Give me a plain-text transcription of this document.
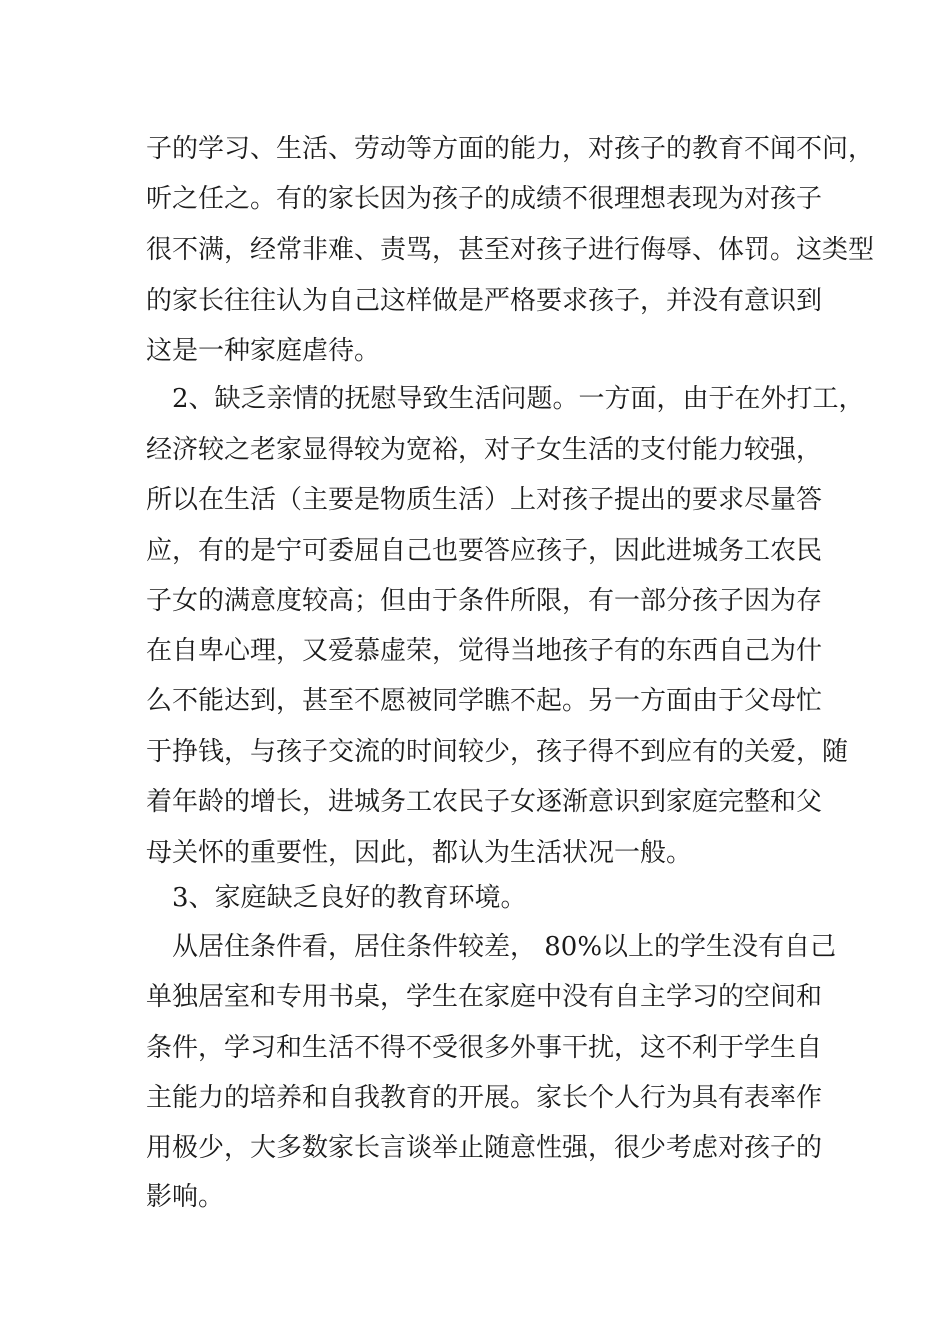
子的学习、生活、劳动等方面的能力，对孩子的教育不闻不问，
听之任之。有的家长因为孩子的成绩不很理想表现为对孩子
很不满，经常非难、责骂，甚至对孩子进行侮辱、体罚。这类型
的家长往往认为自己这样做是严格要求孩子，并没有意识到
这是一种家庭虐待。
2、缺乏亲情的抚慰导致生活问题。一方面，由于在外打工，
经济较之老家显得较为宽裕，对子女生活的支付能力较强，
所以在生活（主要是物质生活）上对孩子提出的要求尽量答
应，有的是宁可委屈自己也要答应孩子，因此进城务工农民
子女的满意度较高；但由于条件所限，有一部分孩子因为存
在自卑心理，又爱慕虚荣，觉得当地孩子有的东西自己为什
么不能达到，甚至不愿被同学瞧不起。另一方面由于父母忙
于挣钱，与孩子交流的时间较少，孩子得不到应有的关爱，随
着年龄的增长，进城务工农民子女逐渐意识到家庭完整和父
母关怀的重要性，因此，都认为生活状况一般。
3、家庭缺乏良好的教育环境。
从居住条件看，居住条件较差， 80%以上的学生没有自己
单独居室和专用书桌，学生在家庭中没有自主学习的空间和
条件，学习和生活不得不受很多外事干扰，这不利于学生自
主能力的培养和自我教育的开展。家长个人行为具有表率作
用极少，大多数家长言谈举止随意性强，很少考虑对孩子的
影响。
